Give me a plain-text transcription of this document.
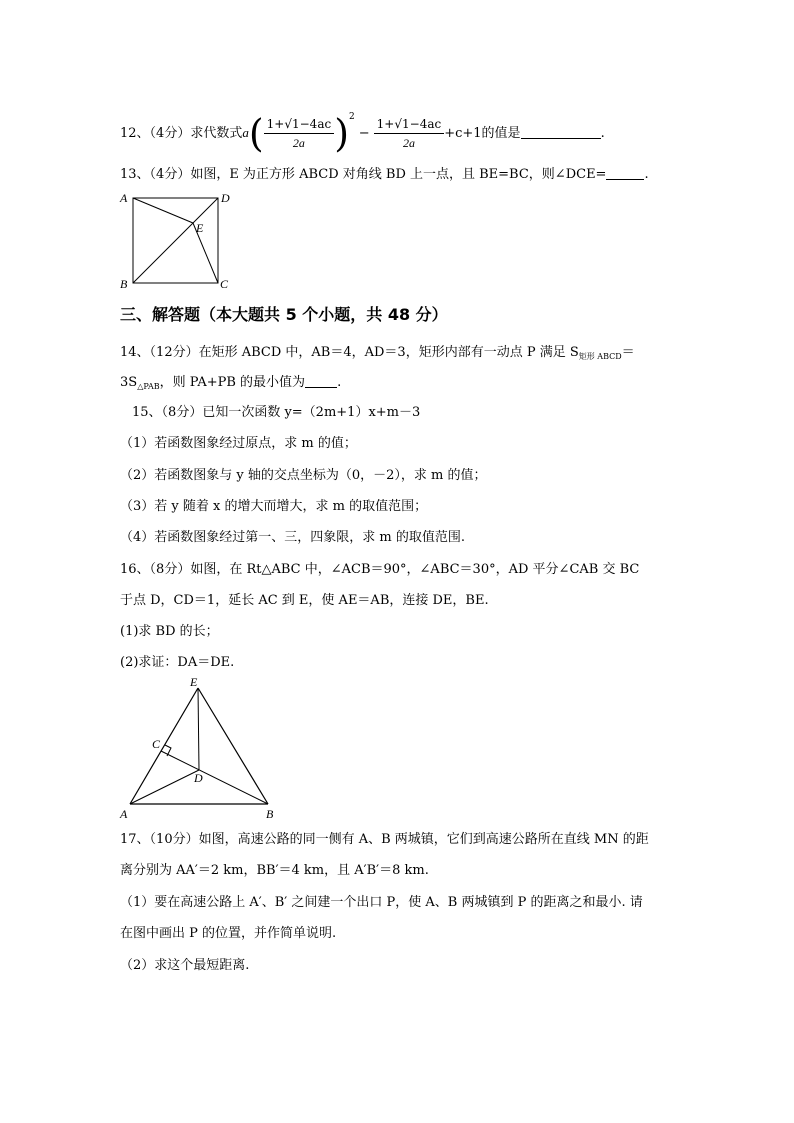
12、（4分）求代数式$a( \frac{1+√1-4ac}{2a} )^2- \frac{1+√1-4ac}{2a} +c+1$的值是	.
13、（4分）如图，E 为正方形 ABCD 对角线 BD 上一点，且 BE=BC，则∠DCE=	.
A	D
E
B	C
三、解答题（本大题共 5 个小题，共 48 分）
14、（12分）在矩形 ABCD 中，AB＝4，AD＝3，矩形内部有一动点 P 满足 $S_{矩形 ABCD}=$
$3S_{\triangle PAB}$，则 PA+PB 的最小值为 .
15、（8分）已知一次函数 y=（2m+1）x+m－3
（1）若函数图象经过原点，求 m 的值；
（2）若函数图象与 y 轴的交点坐标为（0，－2），求 m 的值；
（3）若 y 随着 x 的增大而增大，求 m 的取值范围；
（4）若函数图象经过第一、三，四象限，求 m 的取值范围.
16、（8分）如图，在 Rt△ABC 中，∠ACB＝90°，∠ABC＝30°，AD 平分∠CAB 交 BC
于点 D，CD＝1，延长 AC 到 E，使 AE＝AB，连接 DE，BE.
(1)求 BD 的长；
(2)求证：DA＝DE.
E
C
D
A	B
17、（10分）如图，高速公路的同一侧有 A、B 两城镇，它们到高速公路所在直线 MN 的距
离分别为 AA′＝2 km，BB′＝4 km，且 A′B′＝8 km.
（1）要在高速公路上 A′、B′ 之间建一个出口 P，使 A、B 两城镇到 P 的距离之和最小. 请
在图中画出 P 的位置，并作简单说明.
（2）求这个最短距离.
